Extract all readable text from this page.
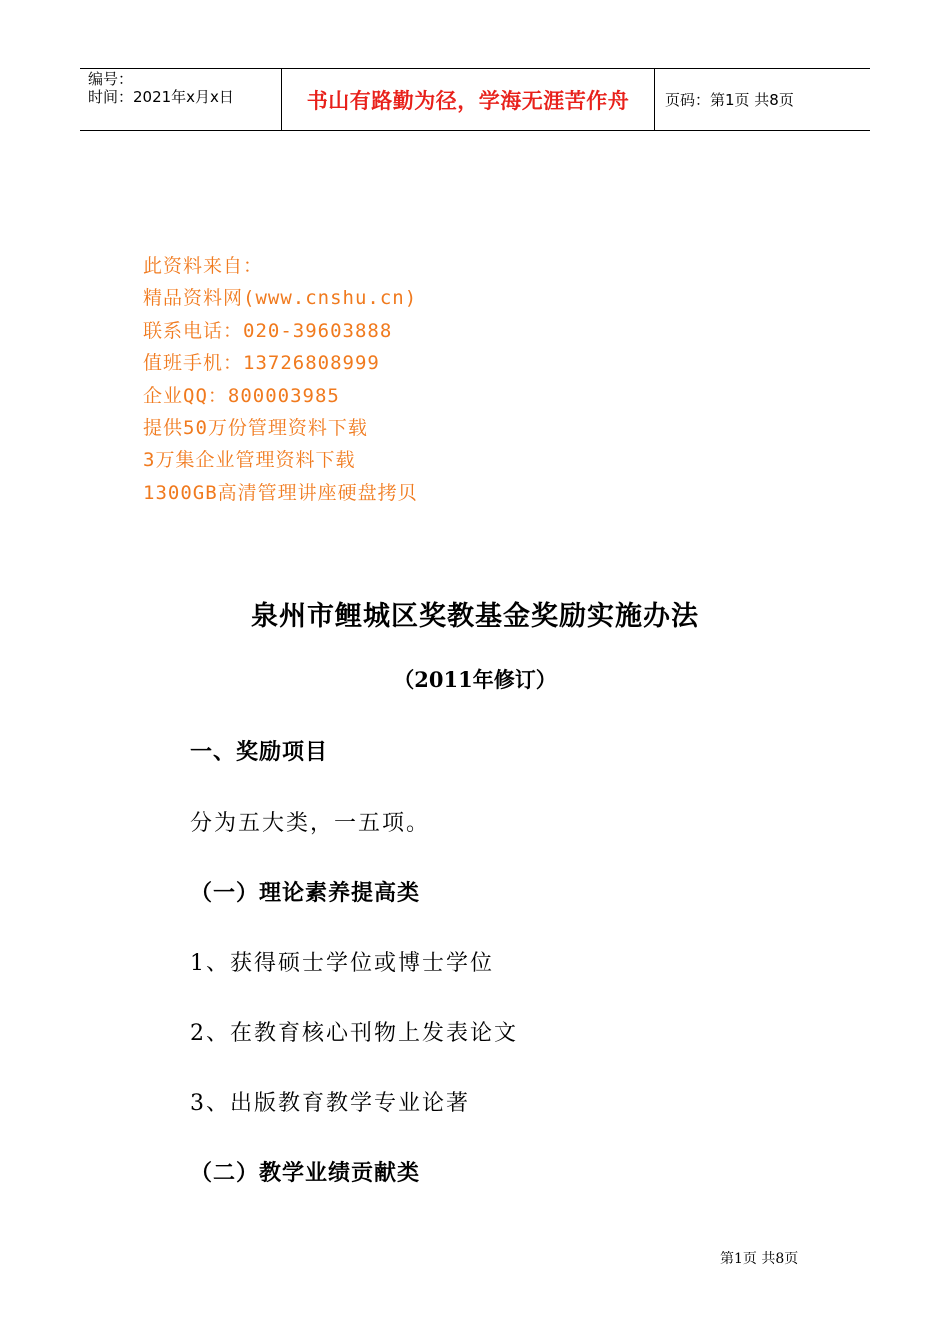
编号：
时间：2021年x月x日	书山有路勤为径，学海无涯苦作舟 页码：第1页 共8页
此资料来自：
精品资料网(www.cnshu.cn)
联系电话：020-39603888
值班手机：13726808999
企业QQ：800003985
提供50万份管理资料下载
3万集企业管理资料下载
1300GB高清管理讲座硬盘拷贝
泉州市鲤城区奖教基金奖励实施办法
（2011年修订）
一、奖励项目
分为五大类，一五项。
（一）理论素养提高类
1、获得硕士学位或博士学位
2、在教育核心刊物上发表论文
3、出版教育教学专业论著
（二）教学业绩贡献类
第1页 共8页
